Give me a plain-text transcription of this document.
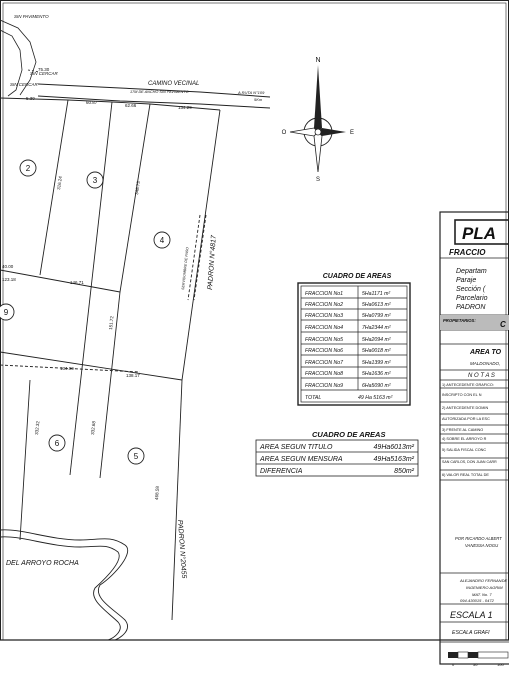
SIN PAVIMENTO
75.30
5.30
SIN CERCAR
SIN CERCAR	CAMINO VECINAL
17M DE ANCHO SIN PAVIMENTO	A RUTA N°109
5Km
60.87
62.66	134.29
316.24	348.73
40.00
123.18
146.71
151.72
134.00
138.17
332.32	332.68
468.58
SERVIDUMBRE DE PASO	PADRON N°4817
PADRON N°20455
2
3
4
9
6
5
DEL ARROYO ROCHA
N
S
E
O
CUADRO DE AREAS
FRACCION No1	5Ha1171 m²
FRACCION No2	5Ha0613 m²
FRACCION No3	5Ha0799 m²
FRACCION No4	7Ha2344 m²
FRACCION No5	5Ha2094 m²
FRACCION No6	5Ha0018 m²
FRACCION No7	5Ha1399 m²
FRACCION No8	5Ha1636 m²
FRACCION No9	6Ha5090 m²
TOTAL	49 Ha 5163 m²
CUADRO DE AREAS
AREA SEGUN TITULO	49Ha6013m²
AREA SEGUN MENSURA	49Ha5163m²
DIFERENCIA	850m²
PLA
FRACCIO
Departam
Paraje
Sección (
Parcelario
PADRON
PROPIETARIOS:	C
AREA TO
MALDONADO,
N O T A S
1) ANTECEDENTE GRAFICO:
INSCRIPTO CON EL N
2) ANTECEDENTE DOMIN
AUTORIZADA POR LA ESC
3) FRENTE AL CAMINO
4) SOBRE EL ARROYO R
5) SALIDA FISCAL CONC
SAN CARLOS, DON JUAN CARR
6) VALOR REAL TOTAL DE
POR RICARDO ALBERT
VANESSA NOGU
ALEJANDRO FERNANDE
INGENIERO AGRIM
MAT. No. 7
094-430015 - 0472
ESCALA 1
ESCALA GRAFI
0	50	100
